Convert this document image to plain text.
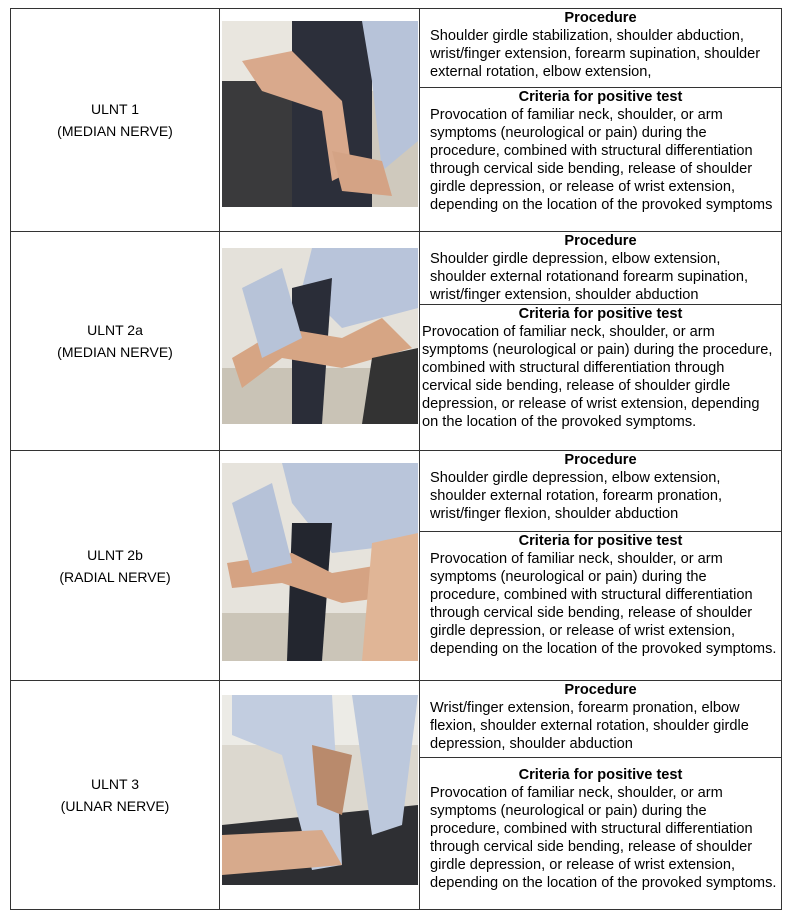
ULNT 1
(MEDIAN NERVE)
Procedure
Shoulder girdle stabilization, shoulder abduction, wrist/finger extension, forearm supination, shoulder external rotation, elbow extension,
Criteria for positive test
Provocation of familiar neck, shoulder, or arm symptoms (neurological or pain) during the procedure, combined with structural differentiation through cervical side bending, release of shoulder girdle depression, or release of wrist extension, depending on the location of the provoked symptoms
ULNT 2a
(MEDIAN NERVE)
Procedure
Shoulder girdle depression, elbow extension, shoulder external rotationand forearm supination, wrist/finger extension, shoulder abduction
Criteria for positive test
Provocation of familiar neck, shoulder, or arm symptoms (neurological or pain) during the procedure, combined with structural differentiation through cervical side bending, release of shoulder girdle depression, or release of wrist extension, depending on the location of the provoked symptoms.
ULNT 2b
(RADIAL NERVE)
Procedure
Shoulder girdle depression, elbow extension, shoulder external rotation, forearm pronation, wrist/finger flexion, shoulder abduction
Criteria for positive test
Provocation of familiar neck, shoulder, or arm symptoms (neurological or pain) during the procedure, combined with structural differentiation through cervical side bending, release of shoulder girdle depression, or release of wrist extension, depending on the location of the provoked symptoms.
ULNT 3
(ULNAR NERVE)
Procedure
Wrist/finger extension, forearm pronation, elbow flexion, shoulder external rotation, shoulder girdle depression, shoulder abduction
Criteria for positive test
Provocation of familiar neck, shoulder, or arm symptoms (neurological or pain) during the procedure, combined with structural differentiation through cervical side bending, release of shoulder girdle depression, or release of wrist extension, depending on the location of the provoked symptoms.
